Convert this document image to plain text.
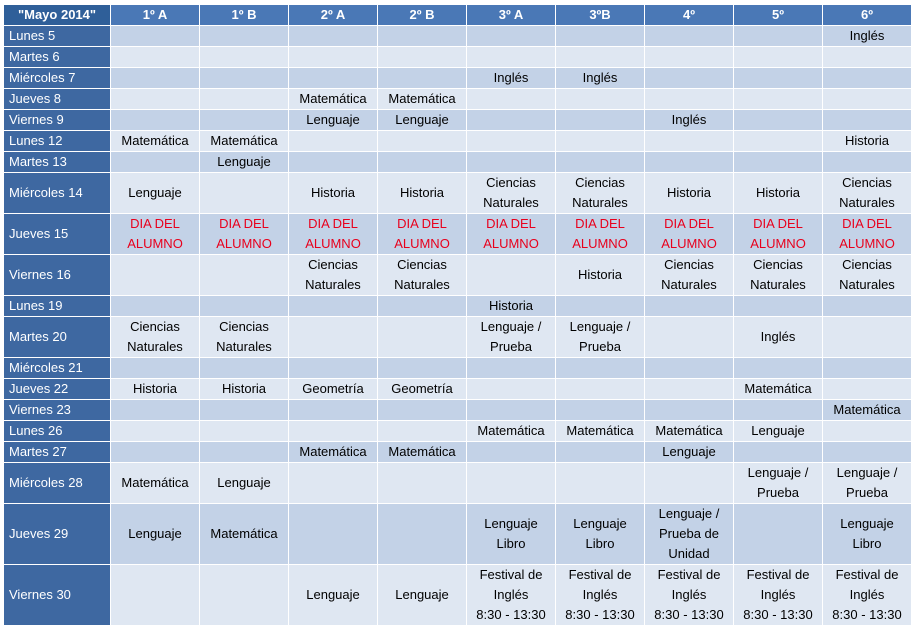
"Mayo 2014"	1º A	1º B	2º A	2º B	3º A	3ºB	4º	5º	6º
Lunes 5									Inglés

Martes 6									
Miércoles 7					Inglés	Inglés			

Jueves 8			Matemática	Matemática					

Viernes 9			Lenguaje	Lenguaje			Inglés		

Lunes 12	Matemática	Matemática							Historia

Martes 13		Lenguaje							

Miércoles 14	Lenguaje		Historia	Historia	Ciencias
Naturales	Ciencias
Naturales	Historia	Historia	Ciencias
Naturales

Jueves 15	DIA DEL
ALUMNO	DIA DEL
ALUMNO	DIA DEL
ALUMNO	DIA DEL
ALUMNO	DIA DEL
ALUMNO	DIA DEL
ALUMNO	DIA DEL
ALUMNO	DIA DEL
ALUMNO	DIA DEL
ALUMNO

Viernes 16			Ciencias
Naturales	Ciencias
Naturales		Historia	Ciencias
Naturales	Ciencias
Naturales	Ciencias
Naturales

Lunes 19					Historia				

Martes 20	Ciencias
Naturales	Ciencias
Naturales			Lenguaje /
Prueba	Lenguaje /
Prueba		Inglés	

Miércoles 21									
Jueves 22	Historia	Historia	Geometría	Geometría				Matemática	

Viernes 23									Matemática

Lunes 26					Matemática	Matemática	Matemática	Lenguaje	

Martes 27			Matemática	Matemática			Lenguaje		

Miércoles 28	Matemática	Lenguaje						Lenguaje /
Prueba	Lenguaje /
Prueba

Jueves 29	Lenguaje	Matemática			Lenguaje
Libro	Lenguaje
Libro	Lenguaje /
Prueba de
Unidad		Lenguaje
Libro

Viernes 30			Lenguaje	Lenguaje	Festival de
Inglés
8:30 - 13:30	Festival de
Inglés
8:30 - 13:30	Festival de
Inglés
8:30 - 13:30	Festival de
Inglés
8:30 - 13:30	Festival de
Inglés
8:30 - 13:30
